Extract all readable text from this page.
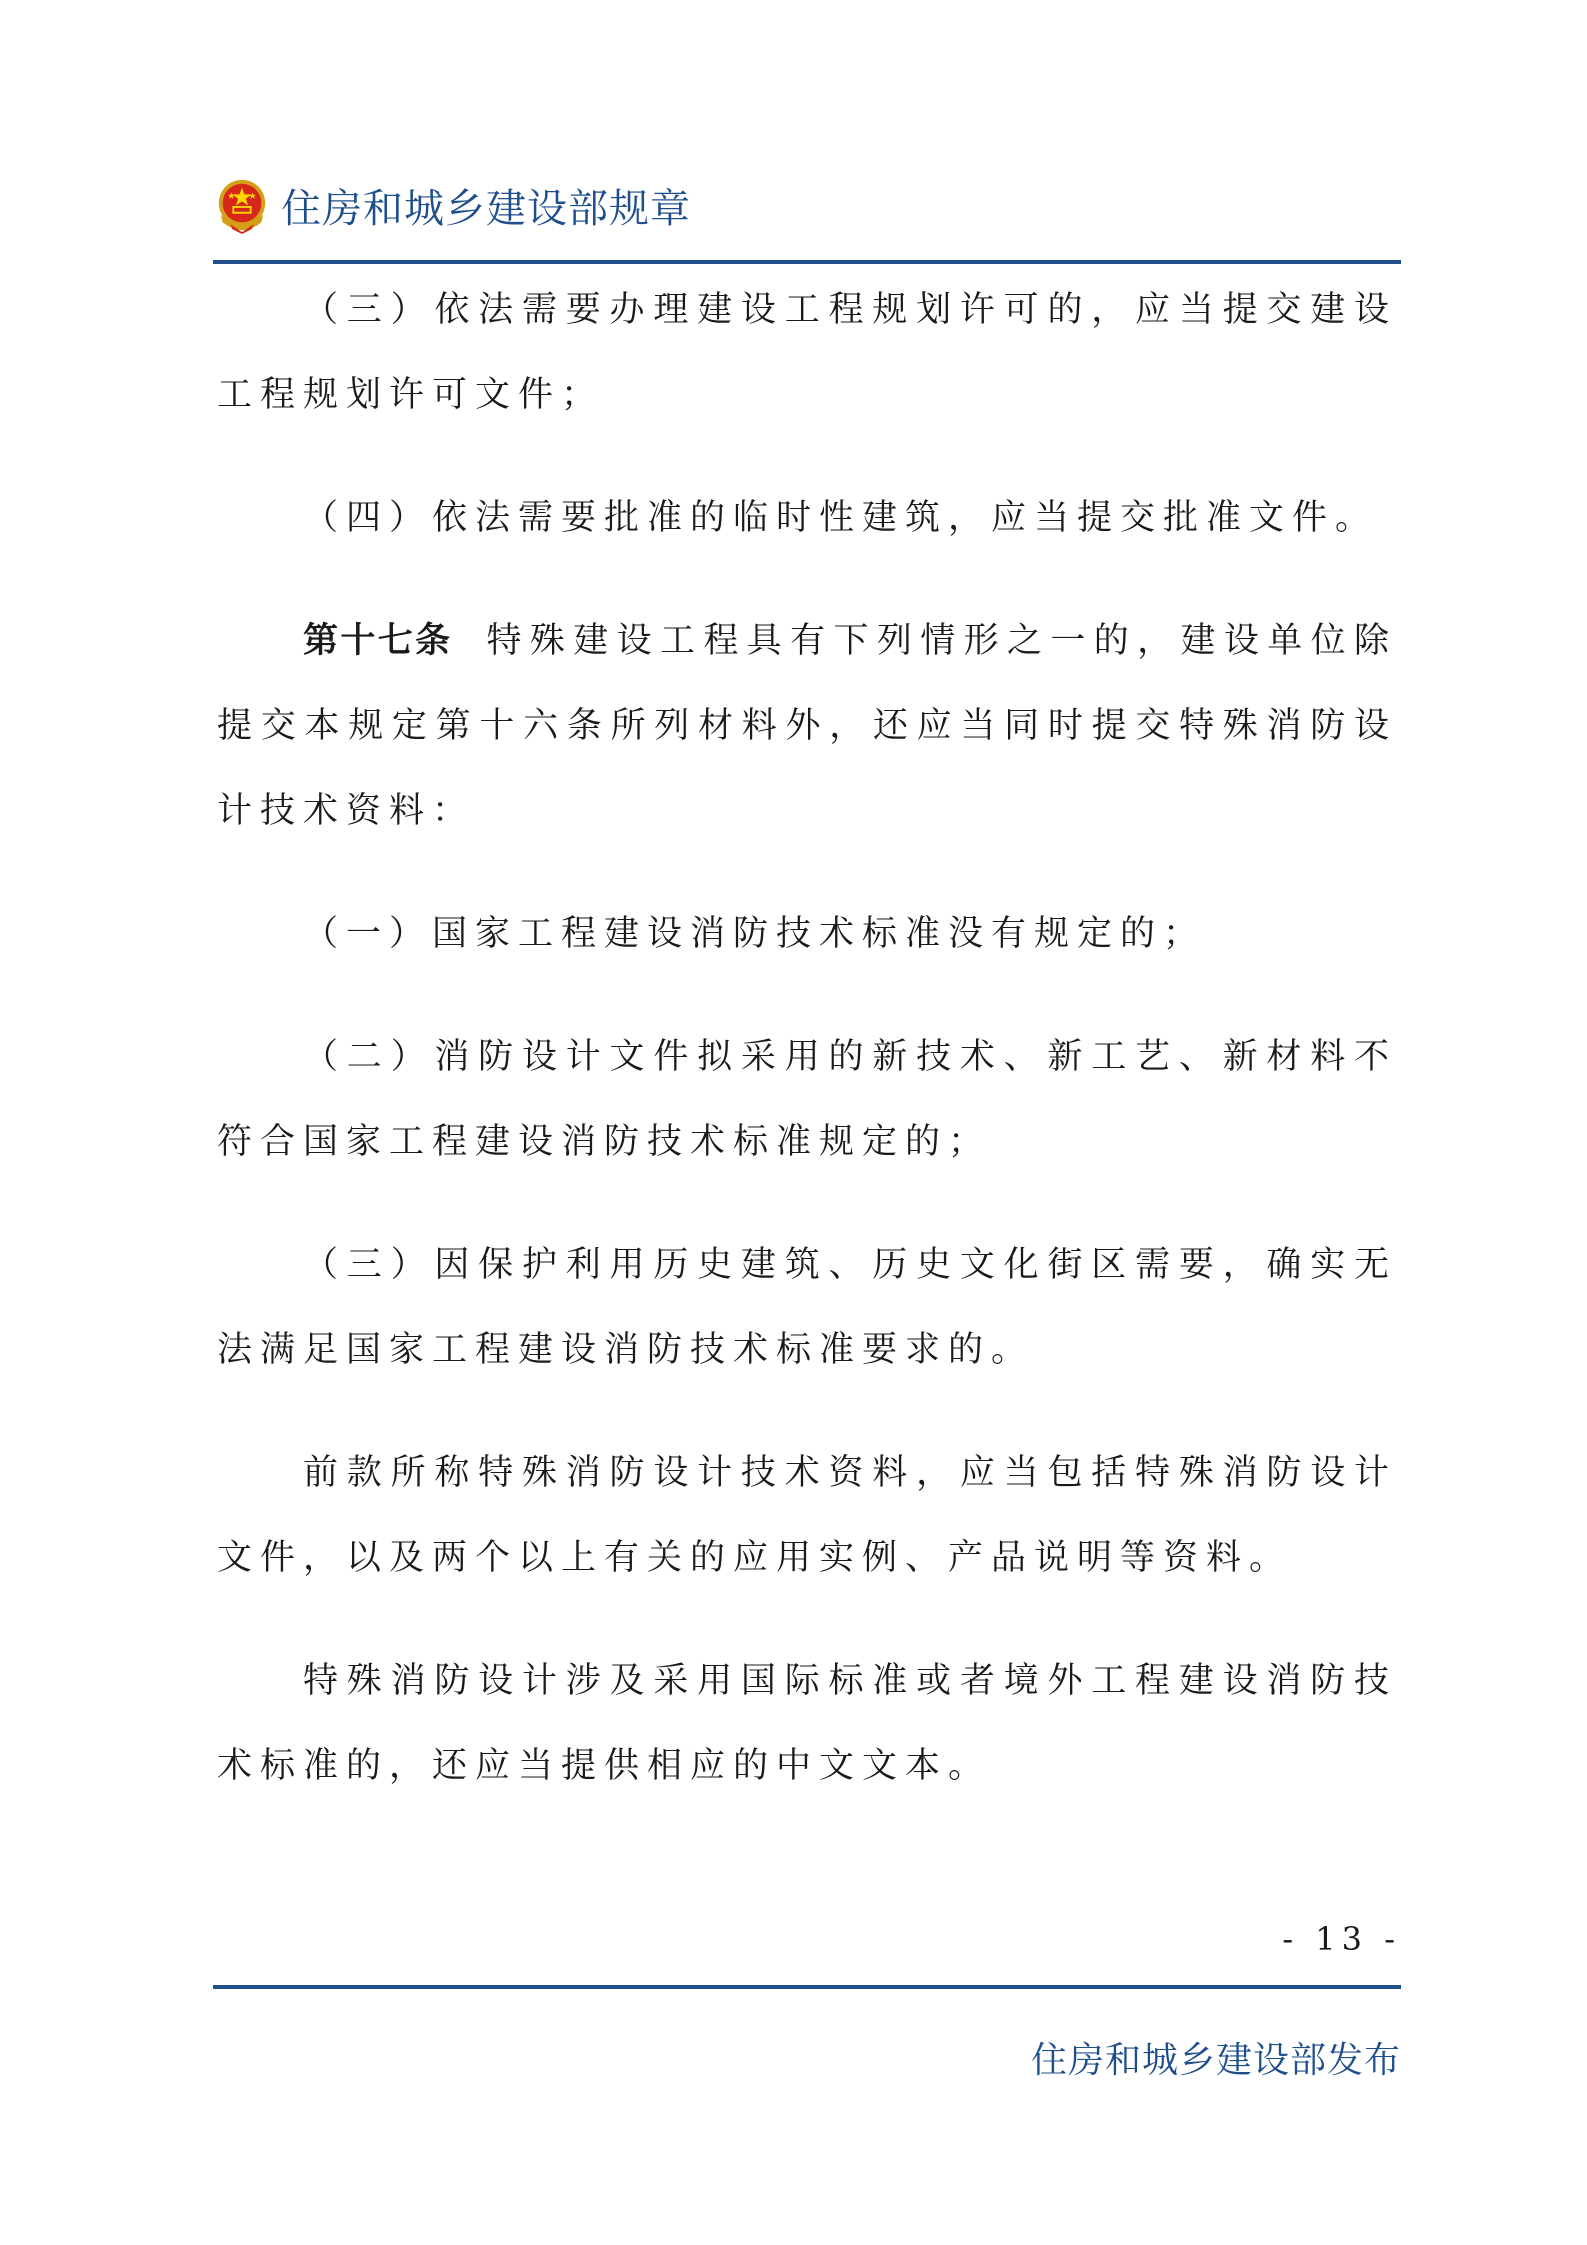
住房和城乡建设部规章

（三）依法需要办理建设工程规划许可的，应当提交建设工程规划许可文件；

（四）依法需要批准的临时性建筑，应当提交批准文件。

第十七条 特殊建设工程具有下列情形之一的，建设单位除提交本规定第十六条所列材料外，还应当同时提交特殊消防设计技术资料：

（一）国家工程建设消防技术标准没有规定的；

（二）消防设计文件拟采用的新技术、新工艺、新材料不符合国家工程建设消防技术标准规定的；

（三）因保护利用历史建筑、历史文化街区需要，确实无法满足国家工程建设消防技术标准要求的。

前款所称特殊消防设计技术资料，应当包括特殊消防设计文件，以及两个以上有关的应用实例、产品说明等资料。

特殊消防设计涉及采用国际标准或者境外工程建设消防技术标准的，还应当提供相应的中文文本。

- 13 -
住房和城乡建设部发布
